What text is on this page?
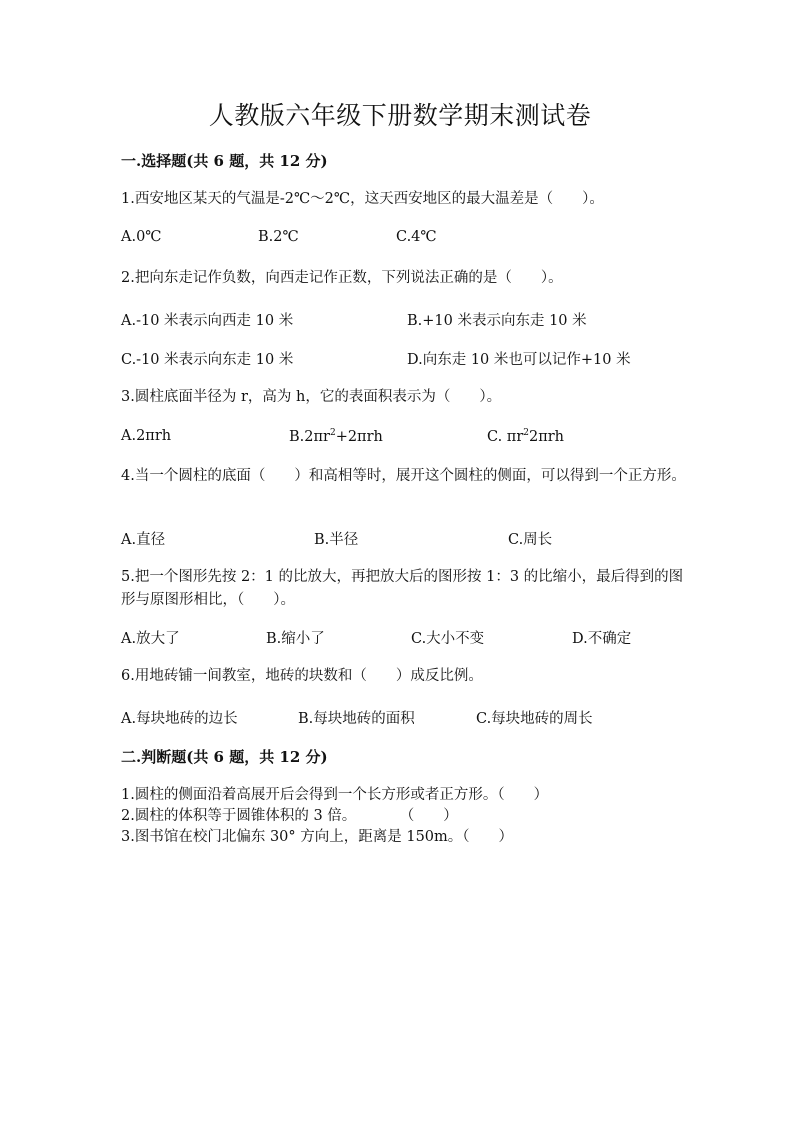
人教版六年级下册数学期末测试卷
一.选择题(共 6 题，共 12 分)
1.西安地区某天的气温是-2℃～2℃，这天西安地区的最大温差是（　　）。
A.0℃	B.2℃	C.4℃
2.把向东走记作负数，向西走记作正数，下列说法正确的是（　　）。
A.-10 米表示向西走 10 米	B.+10 米表示向东走 10 米
C.-10 米表示向东走 10 米	D.向东走 10 米也可以记作+10 米
3.圆柱底面半径为 r，高为 h，它的表面积表示为（　　）。
A.2πrh	$B.2\pi r^2+2\pi rh$	C. $\pi r^22\pi rh$
4.当一个圆柱的底面（　　）和高相等时，展开这个圆柱的侧面，可以得到一个正方形。
A.直径	B.半径	C.周长
5.把一个图形先按 2：1 的比放大，再把放大后的图形按 1：3 的比缩小，最后得到的图形与原图形相比，（　　）。
A.放大了	B.缩小了	C.大小不变	D.不确定
6.用地砖铺一间教室，地砖的块数和（　　）成反比例。
A.每块地砖的边长	B.每块地砖的面积	C.每块地砖的周长
二.判断题(共 6 题，共 12 分)
1.圆柱的侧面沿着高展开后会得到一个长方形或者正方形。（　　）
2.圆柱的体积等于圆锥体积的 3 倍。　　　　（　　）
3.图书馆在校门北偏东 30° 方向上，距离是 150m。（　　）
